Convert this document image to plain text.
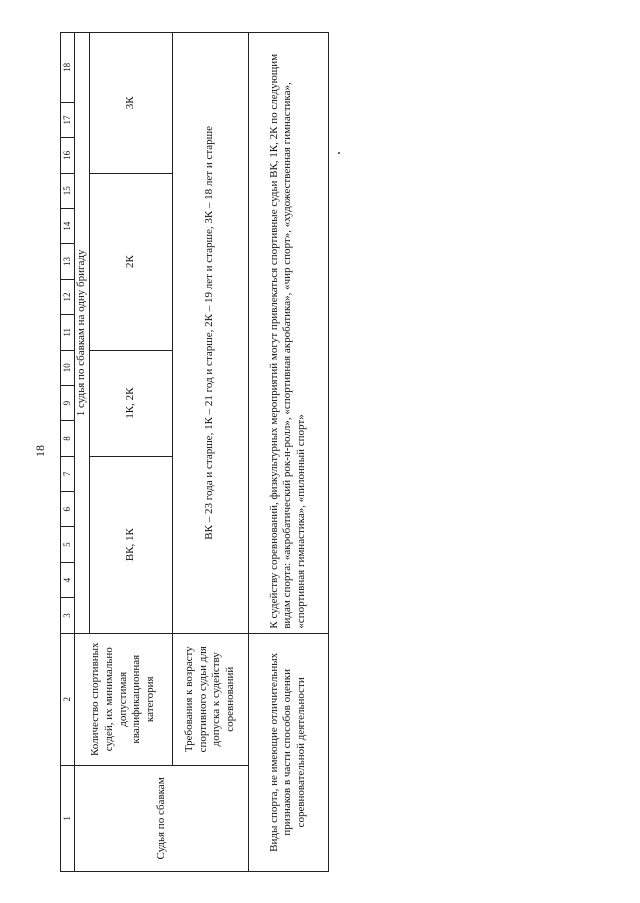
18
1	2	3	4	5	6	7	8	9	10	11	12	13	14	15	16	17	18
Судья по сбавкам	Количество спортивных судей, их минимально допустимая квалификационная категория	1 судья по сбавкам на одну бригаду															
		ВК, 1К					1К, 2К			2К					3К		
	Требования к возрасту спортивного судьи для допуска к судейству соревнований	ВК – 23 года и старше, 1К – 21 год и старше, 2К – 19 лет и старше, 3К – 18 лет и старше															
Виды спорта, не имеющие отличительных признаков в части способов оценки соревновательной деятельности		К судейству соревнований, физкультурных мероприятий могут привлекаться спортивные судьи ВК, 1К, 2К по следующим видам спорта: «акробатический рок-н-ролл», «спортивная акробатика», «чир спорт», «художественная гимнастика», «спортивная гимнастика», «пилонный спорт»															
